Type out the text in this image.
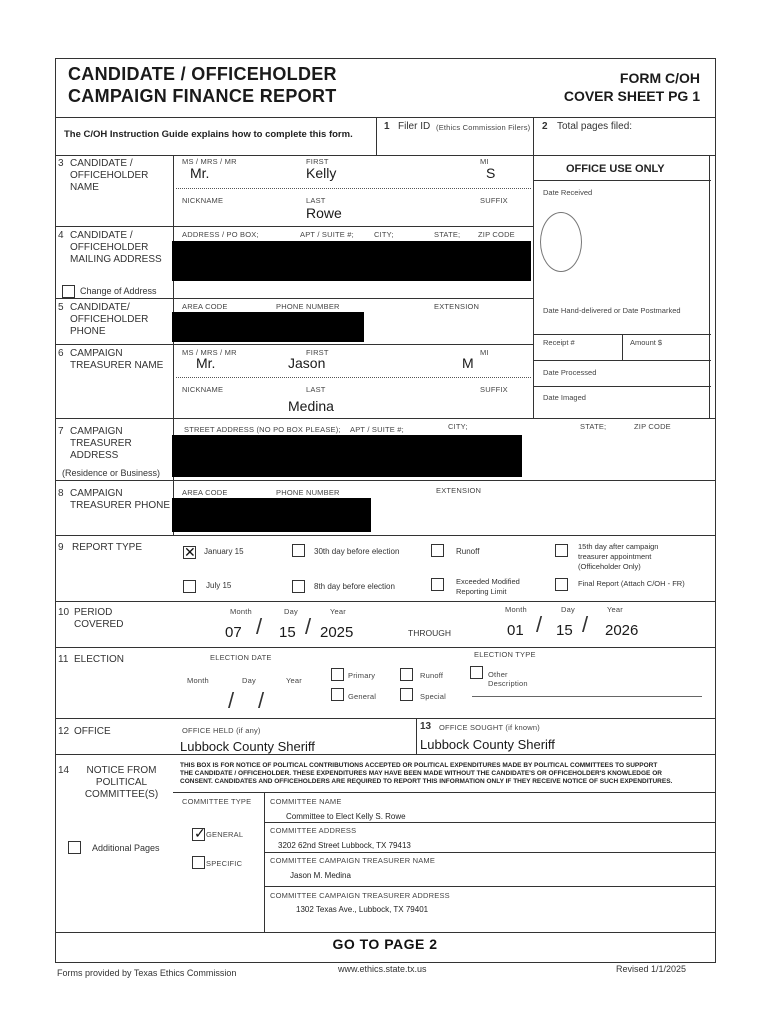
CANDIDATE / OFFICEHOLDER
CAMPAIGN FINANCE REPORT
FORM C/OH
COVER SHEET PG 1
The C/OH Instruction Guide explains how to complete this form.
1 Filer ID (Ethics Commission Filers) 2 Total pages filed:
OFFICE USE ONLY
Date Received
Date Hand-delivered or Date Postmarked
Receipt #	Amount $
Date Processed
Date Imaged
3 CANDIDATE / OFFICEHOLDER NAME
MS / MRS / MR	FIRST	MI
Mr.	Kelly	S
NICKNAME	LAST	SUFFIX
Rowe
4 CANDIDATE / OFFICEHOLDER MAILING ADDRESS
ADDRESS / PO BOX;	APT / SUITE #;	CITY;	STATE; ZIP CODE
Change of Address
5 CANDIDATE/ OFFICEHOLDER PHONE
AREA CODE	PHONE NUMBER	EXTENSION
6 CAMPAIGN TREASURER NAME
MS / MRS / MR	FIRST	MI
Mr.	Jason	M
NICKNAME	LAST	SUFFIX
Medina
7 CAMPAIGN TREASURER ADDRESS
(Residence or Business)
STREET ADDRESS (NO PO BOX PLEASE); APT / SUITE #;	CITY;	STATE;	ZIP CODE
8 CAMPAIGN TREASURER PHONE
AREA CODE	PHONE NUMBER	EXTENSION
9 REPORT TYPE
✕	January 15	30th day before election	Runoff
15th day after campaign treasurer appointment (Officeholder Only)
July 15	8th day before election
Exceeded Modified Reporting Limit
Final Report (Attach C/OH - FR)
10 PERIOD COVERED
Month	Day	Year
07 / 15 / 2025	THROUGH
Month	Day	Year
01 / 15 / 2026
11 ELECTION	ELECTION DATE
Month	Day	Year
/ /
ELECTION TYPE
Primary	Runoff	Other Description
General	Special
12 OFFICE	OFFICE HELD (if any)
Lubbock County Sheriff
13 OFFICE SOUGHT (if known)
Lubbock County Sheriff
14	NOTICE FROM POLITICAL COMMITTEE(S)
THIS BOX IS FOR NOTICE OF POLITICAL CONTRIBUTIONS ACCEPTED OR POLITICAL EXPENDITURES MADE BY POLITICAL COMMITTEES TO SUPPORT
THE CANDIDATE / OFFICEHOLDER. THESE EXPENDITURES MAY HAVE BEEN MADE WITHOUT THE CANDIDATE'S OR OFFICEHOLDER'S KNOWLEDGE OR
CONSENT. CANDIDATES AND OFFICEHOLDERS ARE REQUIRED TO REPORT THIS INFORMATION ONLY IF THEY RECEIVE NOTICE OF SUCH EXPENDITURES.
COMMITTEE TYPE
✓
GENERAL
SPECIFIC
Additional Pages
COMMITTEE NAME
Committee to Elect Kelly S. Rowe
COMMITTEE ADDRESS
3202 62nd Street Lubbock, TX 79413
COMMITTEE CAMPAIGN TREASURER NAME
Jason M. Medina
COMMITTEE CAMPAIGN TREASURER ADDRESS
1302 Texas Ave., Lubbock, TX 79401
GO TO PAGE 2
Forms provided by Texas Ethics Commission	www.ethics.state.tx.us	Revised 1/1/2025
